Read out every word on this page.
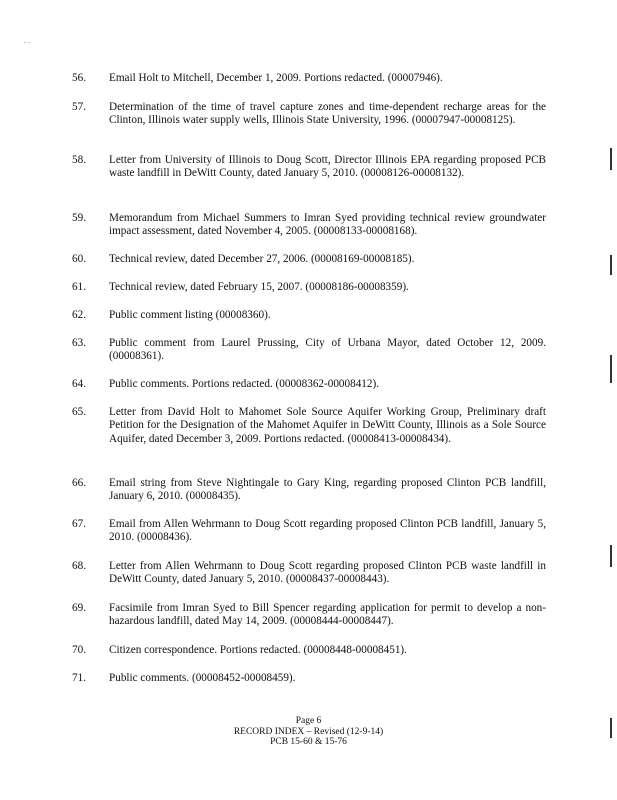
. .
56.	Email Holt to Mitchell, December 1, 2009. Portions redacted. (00007946).
57.	Determination of the time of travel capture zones and time-dependent recharge areas for the Clinton, Illinois water supply wells, Illinois State University, 1996. (00007947-00008125).
58.	Letter from University of Illinois to Doug Scott, Director Illinois EPA regarding proposed PCB waste landfill in DeWitt County, dated January 5, 2010. (00008126-00008132).
59.	Memorandum from Michael Summers to Imran Syed providing technical review groundwater impact assessment, dated November 4, 2005. (00008133-00008168).
60.	Technical review, dated December 27, 2006. (00008169-00008185).
61.	Technical review, dated February 15, 2007. (00008186-00008359).
62.	Public comment listing (00008360).
63.	Public comment from Laurel Prussing, City of Urbana Mayor, dated October 12, 2009. (00008361).
64.	Public comments. Portions redacted. (00008362-00008412).
65.	Letter from David Holt to Mahomet Sole Source Aquifer Working Group, Preliminary draft Petition for the Designation of the Mahomet Aquifer in DeWitt County, Illinois as a Sole Source Aquifer, dated December 3, 2009. Portions redacted. (00008413-00008434).
66.	Email string from Steve Nightingale to Gary King, regarding proposed Clinton PCB landfill, January 6, 2010. (00008435).
67.	Email from Allen Wehrmann to Doug Scott regarding proposed Clinton PCB landfill, January 5, 2010. (00008436).
68.	Letter from Allen Wehrmann to Doug Scott regarding proposed Clinton PCB waste landfill in DeWitt County, dated January 5, 2010. (00008437-00008443).
69.	Facsimile from Imran Syed to Bill Spencer regarding application for permit to develop a non-hazardous landfill, dated May 14, 2009. (00008444-00008447).
70.	Citizen correspondence. Portions redacted. (00008448-00008451).
71.	Public comments. (00008452-00008459).
Page 6
RECORD INDEX – Revised (12-9-14)
PCB 15-60 & 15-76
